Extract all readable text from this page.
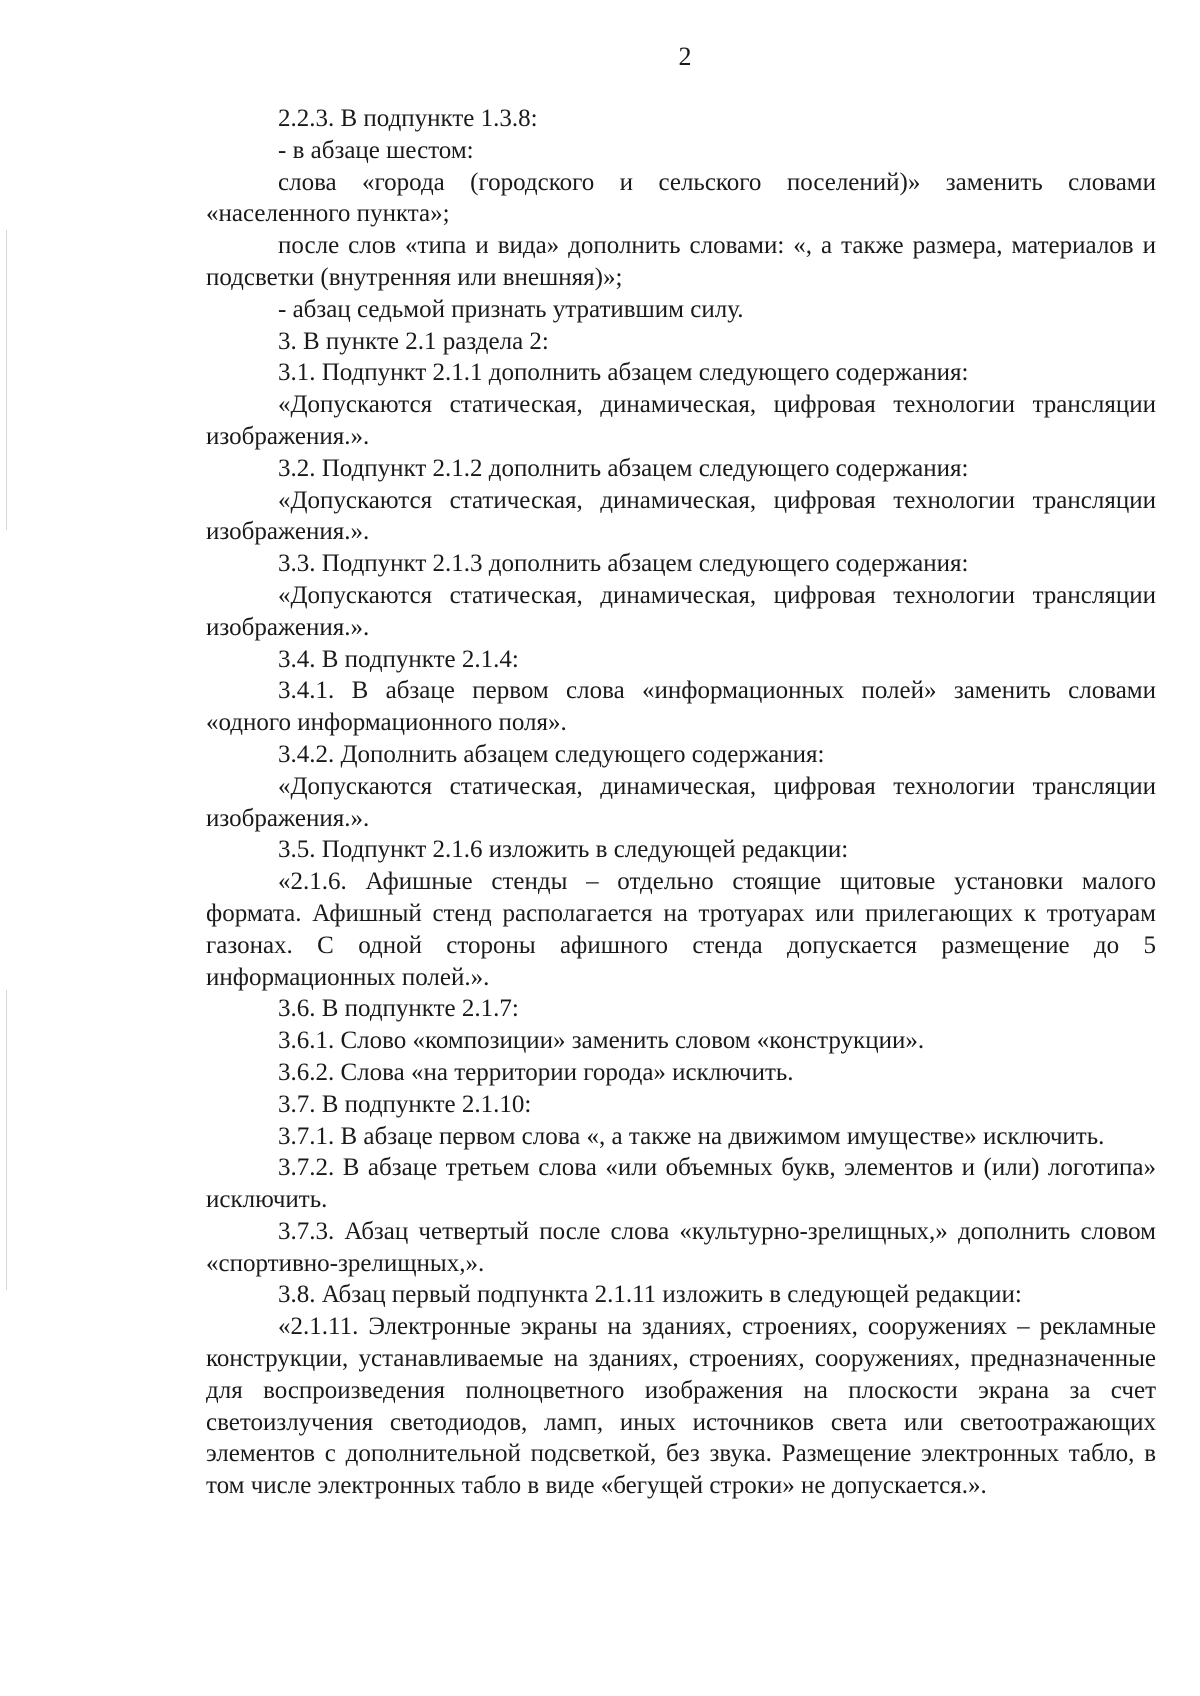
2

2.2.3. В подпункте 1.3.8:

- в абзаце шестом:

слова «города (городского и сельского поселений)» заменить словами «населенного пункта»;

после слов «типа и вида» дополнить словами: «, а также размера, материалов и подсветки (внутренняя или внешняя)»;

- абзац седьмой признать утратившим силу.

3. В пункте 2.1 раздела 2:

3.1. Подпункт 2.1.1 дополнить абзацем следующего содержания:

«Допускаются статическая, динамическая, цифровая технологии трансляции изображения.».

3.2. Подпункт 2.1.2 дополнить абзацем следующего содержания:

«Допускаются статическая, динамическая, цифровая технологии трансляции изображения.».

3.3. Подпункт 2.1.3 дополнить абзацем следующего содержания:

«Допускаются статическая, динамическая, цифровая технологии трансляции изображения.».

3.4. В подпункте 2.1.4:

3.4.1. В абзаце первом слова «информационных полей» заменить словами «одного информационного поля».

3.4.2. Дополнить абзацем следующего содержания:

«Допускаются статическая, динамическая, цифровая технологии трансляции изображения.».

3.5. Подпункт 2.1.6 изложить в следующей редакции:

«2.1.6. Афишные стенды – отдельно стоящие щитовые установки малого формата. Афишный стенд располагается на тротуарах или прилегающих к тротуарам газонах. С одной стороны афишного стенда допускается размещение до 5 информационных полей.».

3.6. В подпункте 2.1.7:

3.6.1. Слово «композиции» заменить словом «конструкции».

3.6.2. Слова «на территории города» исключить.

3.7. В подпункте 2.1.10:

3.7.1. В абзаце первом слова «, а также на движимом имуществе» исключить.

3.7.2. В абзаце третьем слова «или объемных букв, элементов и (или) логотипа» исключить.

3.7.3. Абзац четвертый после слова «культурно-зрелищных,» дополнить словом «спортивно-зрелищных,».

3.8. Абзац первый подпункта 2.1.11 изложить в следующей редакции:

«2.1.11. Электронные экраны на зданиях, строениях, сооружениях – рекламные конструкции, устанавливаемые на зданиях, строениях, сооружениях, предназначенные для воспроизведения полноцветного изображения на плоскости экрана за счет светоизлучения светодиодов, ламп, иных источников света или светоотражающих элементов с дополнительной подсветкой, без звука. Размещение электронных табло, в том числе электронных табло в виде «бегущей строки» не допускается.».
